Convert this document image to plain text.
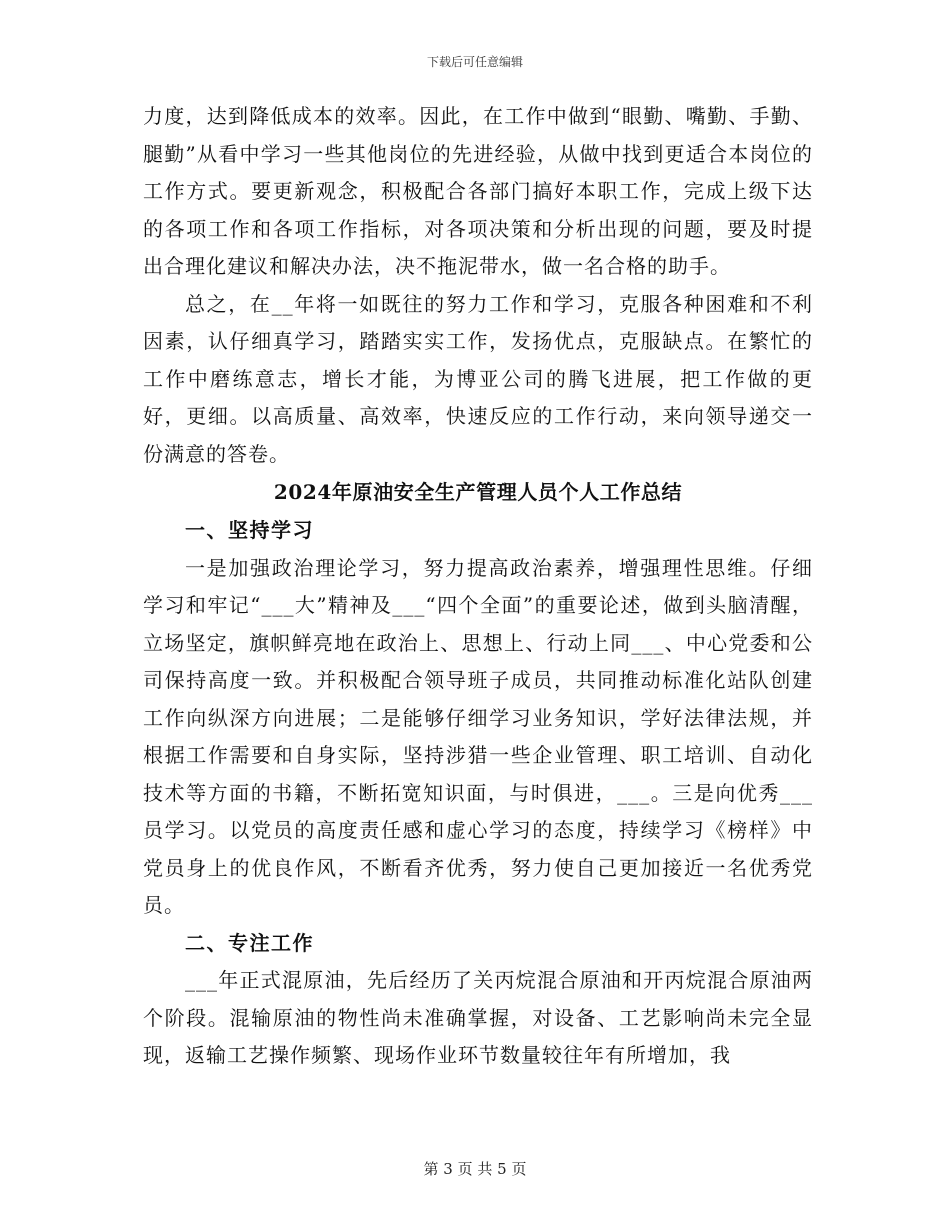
下载后可任意编辑

力度，达到降低成本的效率。因此，在工作中做到“眼勤、嘴勤、手勤、腿勤”从看中学习一些其他岗位的先进经验，从做中找到更适合本岗位的工作方式。要更新观念，积极配合各部门搞好本职工作，完成上级下达的各项工作和各项工作指标，对各项决策和分析出现的问题，要及时提出合理化建议和解决办法，决不拖泥带水，做一名合格的助手。

总之，在__年将一如既往的努力工作和学习，克服各种困难和不利因素，认仔细真学习，踏踏实实工作，发扬优点，克服缺点。在繁忙的工作中磨练意志，增长才能，为博亚公司的腾飞进展，把工作做的更好，更细。以高质量、高效率，快速反应的工作行动，来向领导递交一份满意的答卷。

2024年原油安全生产管理人员个人工作总结
一、坚持学习

一是加强政治理论学习，努力提高政治素养，增强理性思维。仔细学习和牢记“___大”精神及___“四个全面”的重要论述，做到头脑清醒，立场坚定，旗帜鲜亮地在政治上、思想上、行动上同___、中心党委和公司保持高度一致。并积极配合领导班子成员，共同推动标准化站队创建工作向纵深方向进展；二是能够仔细学习业务知识，学好法律法规，并根据工作需要和自身实际，坚持涉猎一些企业管理、职工培训、自动化技术等方面的书籍，不断拓宽知识面，与时俱进，___。三是向优秀___员学习。以党员的高度责任感和虚心学习的态度，持续学习《榜样》中党员身上的优良作风，不断看齐优秀，努力使自己更加接近一名优秀党员。

二、专注工作

___年正式混原油，先后经历了关丙烷混合原油和开丙烷混合原油两个阶段。混输原油的物性尚未准确掌握，对设备、工艺影响尚未完全显现，返输工艺操作频繁、现场作业环节数量较往年有所增加，我

第 3 页 共 5 页
